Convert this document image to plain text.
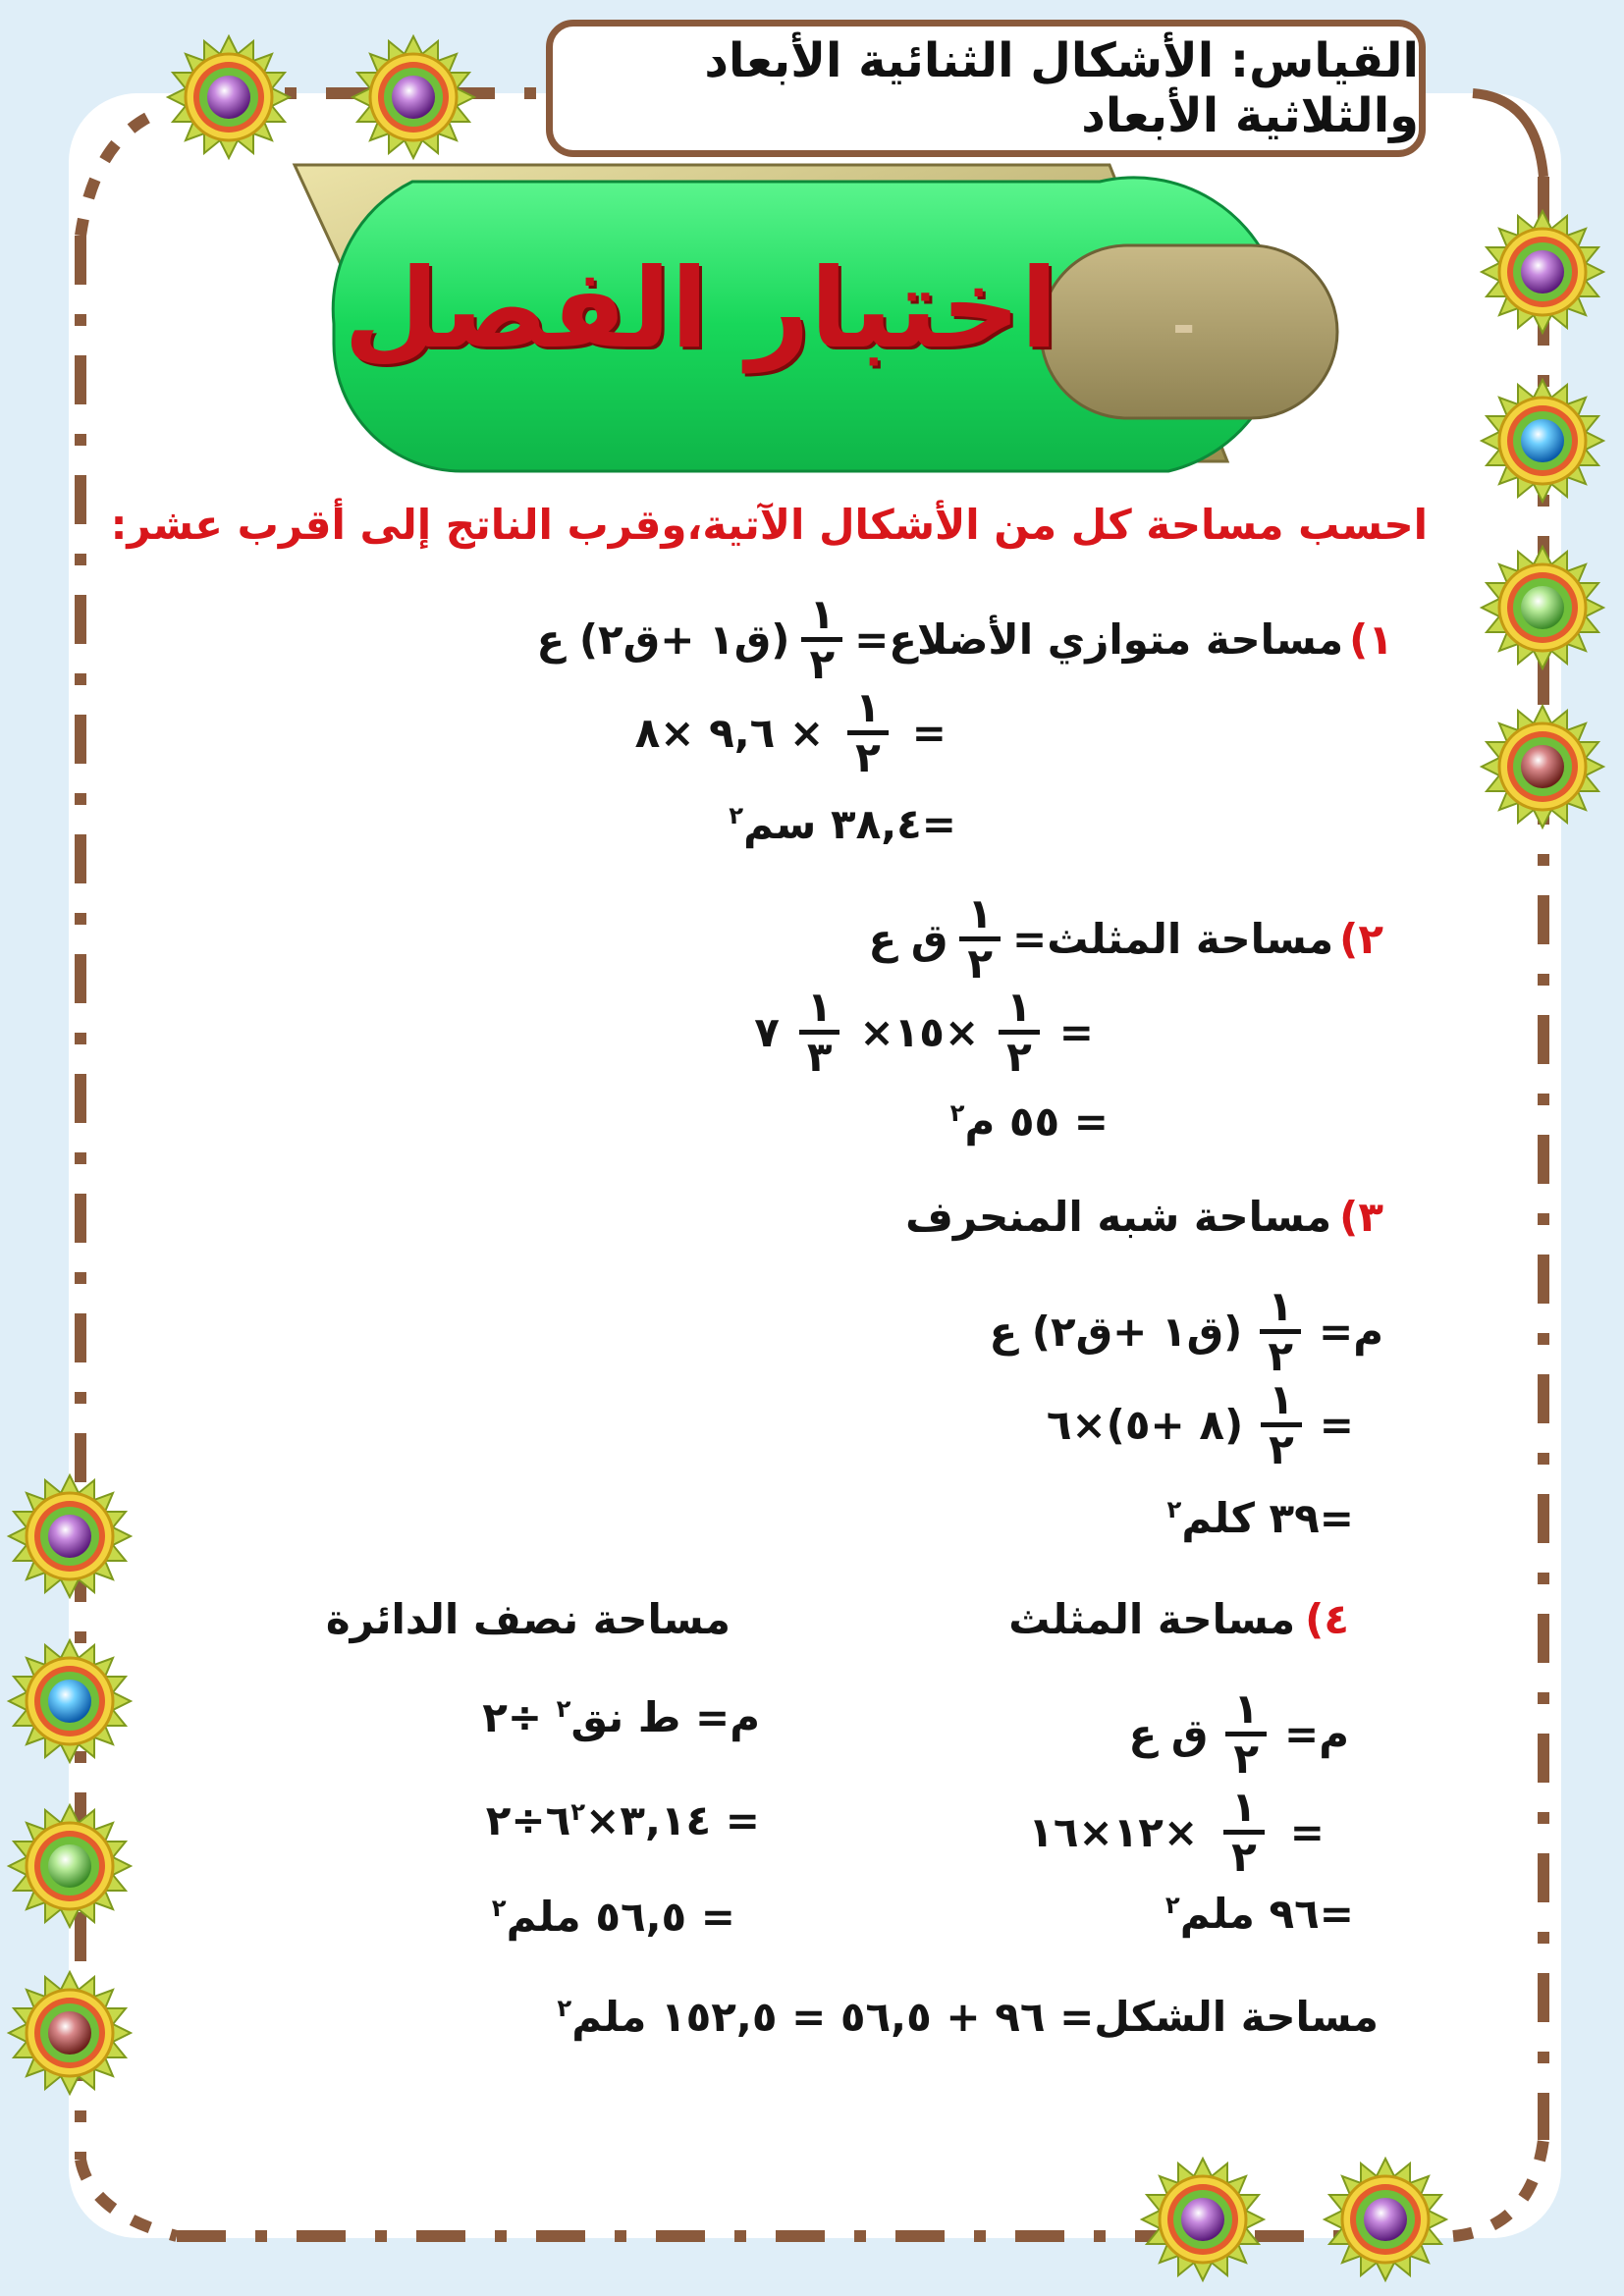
القياس: الأشكال الثنائية الأبعاد والثلاثية الأبعاد
اختبار الفصل -
احسب مساحة كل من الأشكال الآتية،وقرب الناتج إلى أقرب عشر:
١)
مساحة متوازي الأضلاع=
$\frac{١}{٢}$
(ق١ +ق٢) ع
=
$\frac{١}{٢}$
× ٩,٦ ×٨
=٣٨,٤ سم$^٢$
٢)
مساحة المثلث=
$\frac{١}{٢}$
ق ع
=
$\frac{١}{٢}$
×١٥×
$\frac{١}{٣}$
٧
= ٥٥ م$^٢$
٣)
مساحة شبه المنحرف
م=
$\frac{١}{٢}$
(ق١ +ق٢) ع
=
$\frac{١}{٢}$
(٨ +٥)×٦
=٣٩ كلم$^٢$
٤)
مساحة المثلث
م=
$\frac{١}{٢}$
ق ع
=
$\frac{١}{٢}$
×١٢×١٦
=٩٦ ملم$^٢$
مساحة نصف الدائرة
م= ط نق$^٢$ ÷٢
= $٣,١٤\times ٦^٢\div ٢$
= ٥٦,٥ ملم$^٢$
مساحة الشكل= ٩٦ + ٥٦,٥ = ١٥٢,٥ ملم$^٢$
